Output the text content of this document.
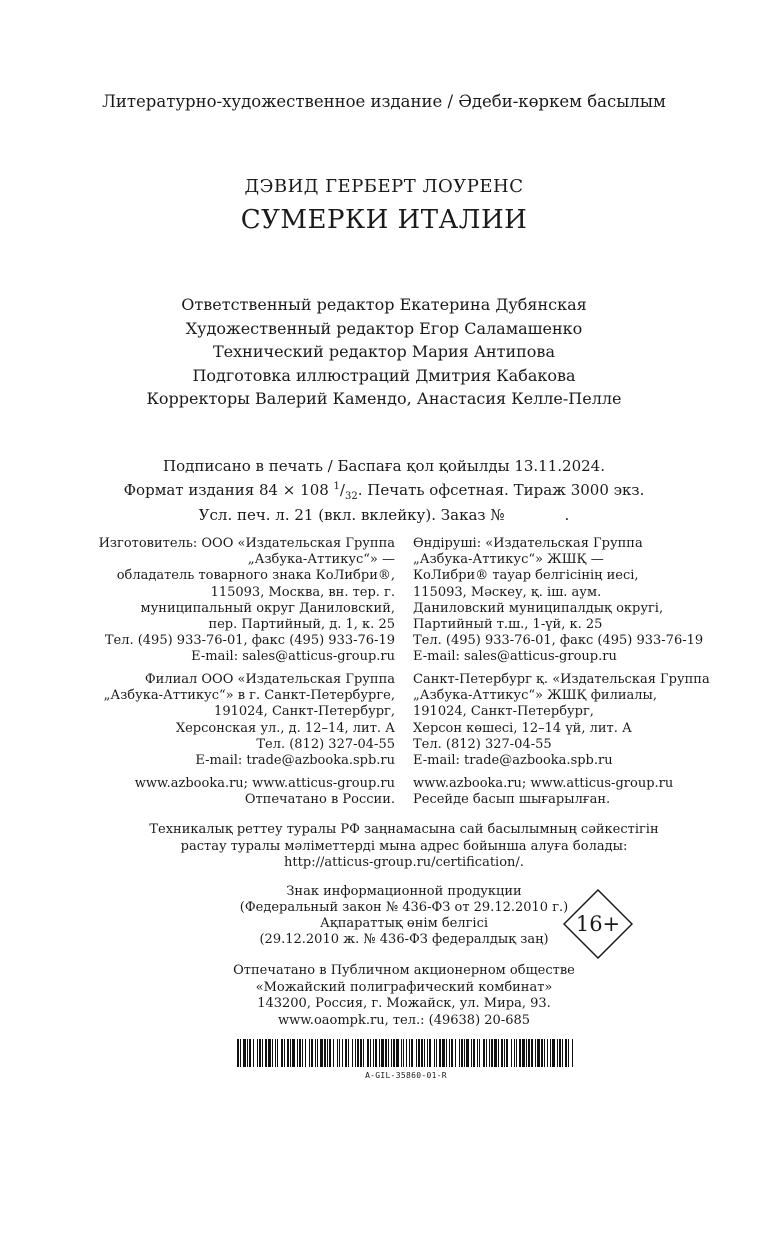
Литературно-художественное издание / Әдеби-көркем басылым
ДЭВИД ГЕРБЕРТ ЛОУРЕНС
СУМЕРКИ ИТАЛИИ
Ответственный редактор Екатерина Дубянская
Художественный редактор Егор Саламашенко
Технический редактор Мария Антипова
Подготовка иллюстраций Дмитрия Кабакова
Корректоры Валерий Камендо, Анастасия Келле-Пелле
Подписано в печать / Баспаға қол қойылды 13.11.2024.
Формат издания 84 × 108 $^1/_{32}$. Печать офсетная. Тираж 3000 экз.
Усл. печ. л. 21 (вкл. вклейку). Заказ №	.

Изготовитель: ООО «Издательская Группа

„Азбука-Аттикус“» —

обладатель товарного знака КоЛибри®,

115093, Москва, вн. тер. г.

муниципальный округ Даниловский,

пер. Партийный, д. 1, к. 25

Тел. (495) 933-76-01, факс (495) 933-76-19

E-mail: sales@atticus-group.ru

Өндіруші: «Издательская Группа

„Азбука-Аттикус“» ЖШҚ —

КоЛибри® тауар белгісінің иесі,

115093, Мәскеу, қ. іш. аум.

Даниловский муниципалдық округі,

Партийный т.ш., 1-үй, к. 25

Тел. (495) 933-76-01, факс (495) 933-76-19

E-mail: sales@atticus-group.ru

Филиал ООО «Издательская Группа

„Азбука-Аттикус“» в г. Санкт-Петербурге,

191024, Санкт-Петербург,

Херсонская ул., д. 12–14, лит. А

Тел. (812) 327-04-55

E-mail: trade@azbooka.spb.ru

Санкт-Петербург қ. «Издательская Группа

„Азбука-Аттикус“» ЖШҚ филиалы,

191024, Санкт-Петербург,

Херсон көшесі, 12–14 үй, лит. А

Тел. (812) 327-04-55

E-mail: trade@azbooka.spb.ru

www.azbooka.ru; www.atticus-group.ru

Отпечатано в России.

www.azbooka.ru; www.atticus-group.ru

Ресейде басып шығарылған.

Техникалық реттеу туралы РФ заңнамасына сай басылымның сәйкестігін
растау туралы мәліметтерді мына адрес бойынша алуға болады:
http://atticus-group.ru/certification/.
Знак информационной продукции
(Федеральный закон № 436-ФЗ от 29.12.2010 г.)
Ақпараттық өнім белгісі
(29.12.2010 ж. № 436-ФЗ федералдық заң)
16+
Отпечатано в Публичном акционерном обществе
«Можайский полиграфический комбинат»
143200, Россия, г. Можайск, ул. Мира, 93.
www.oaompk.ru, тел.: (49638) 20-685
A-GIL-35860-01-R
